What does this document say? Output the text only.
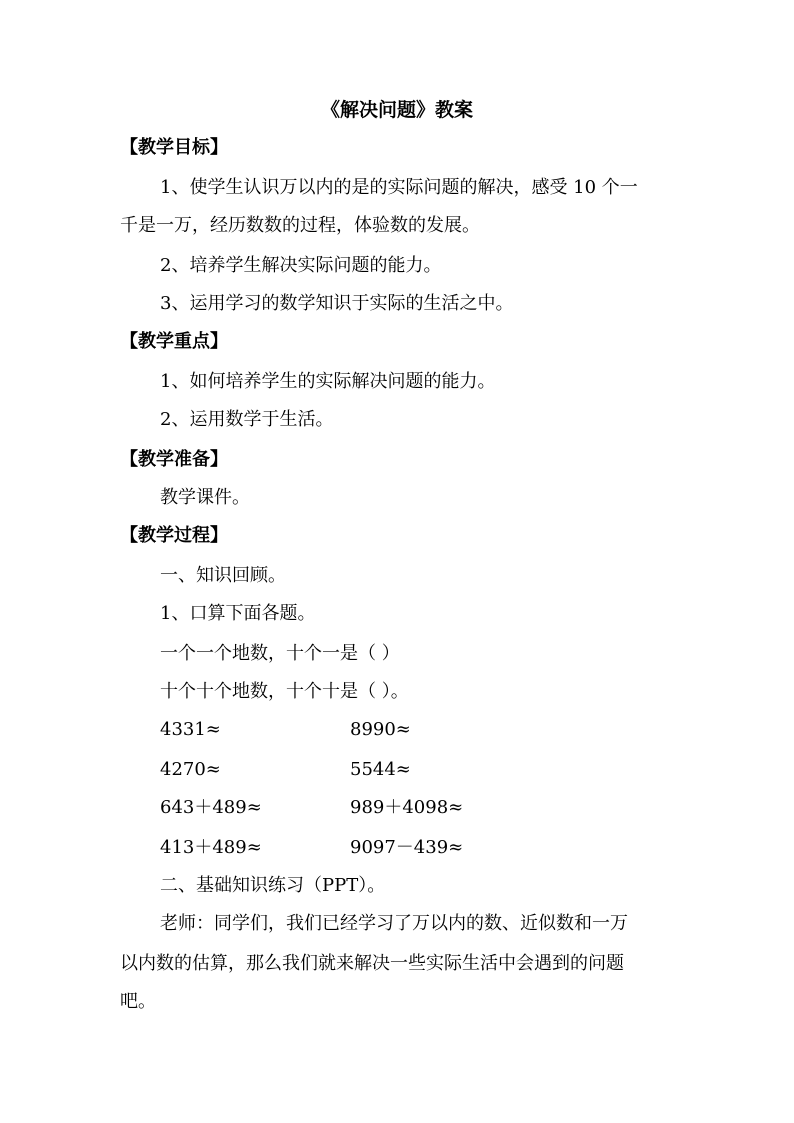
《解决问题》教案
【教学目标】
1、使学生认识万以内的是的实际问题的解决，感受 10 个一
千是一万，经历数数的过程，体验数的发展。
2、培养学生解决实际问题的能力。
3、运用学习的数学知识于实际的生活之中。
【教学重点】
1、如何培养学生的实际解决问题的能力。
2、运用数学于生活。
【教学准备】
教学课件。
【教学过程】
一、知识回顾。
1、口算下面各题。
一个一个地数，十个一是（ ）
十个十个地数，十个十是（ ）。
4331≈	8990≈
4270≈	5544≈
643＋489≈	989＋4098≈
413＋489≈	9097－439≈
二、基础知识练习（PPT）。
老师：同学们，我们已经学习了万以内的数、近似数和一万
以内数的估算，那么我们就来解决一些实际生活中会遇到的问题
吧。
